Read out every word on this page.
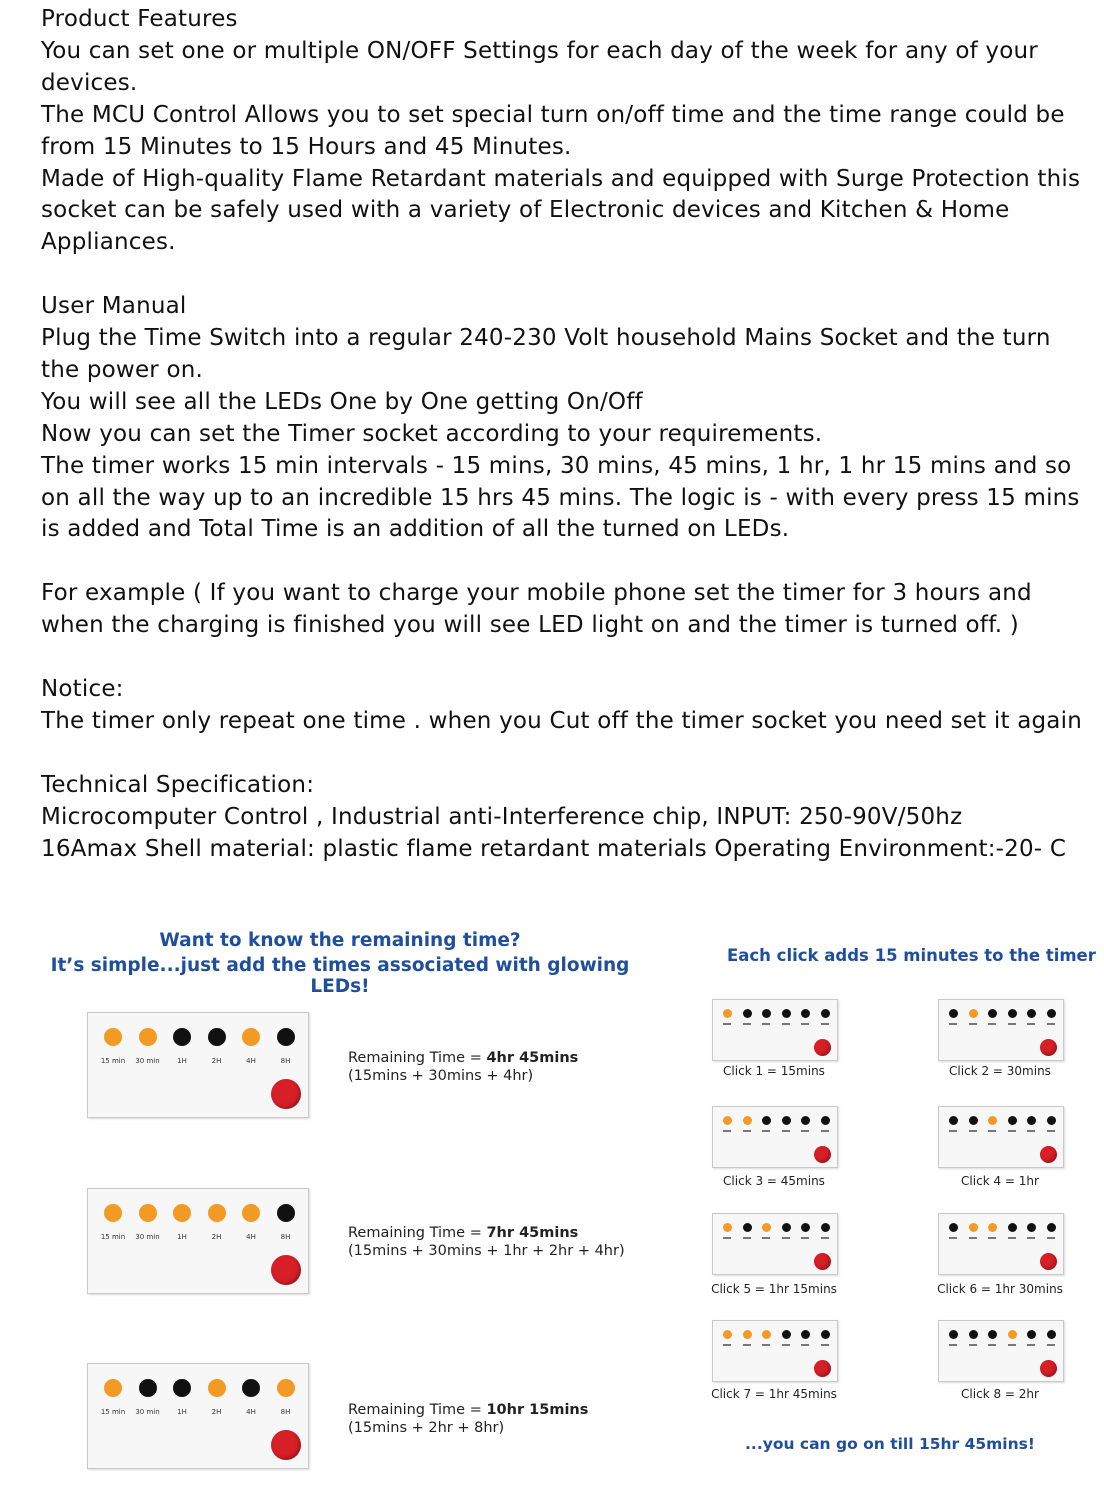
Product Features

You can set one or multiple ON/OFF Settings for each day of the week for any of your devices.

The MCU Control Allows you to set special turn on/off time and the time range could be from 15 Minutes to 15 Hours and 45 Minutes.

Made of High-quality Flame Retardant materials and equipped with Surge Protection this socket can be safely used with a variety of Electronic devices and Kitchen & Home Appliances.

User Manual

Plug the Time Switch into a regular 240-230 Volt household Mains Socket and the turn the power on.

You will see all the LEDs One by One getting On/Off

Now you can set the Timer socket according to your requirements.

The timer works 15 min intervals - 15 mins, 30 mins, 45 mins, 1 hr, 1 hr 15 mins and so on all the way up to an incredible 15 hrs 45 mins. The logic is - with every press 15 mins is added and Total Time is an addition of all the turned on LEDs.

For example ( If you want to charge your mobile phone set the timer for 3 hours and when the charging is finished you will see LED light on and the timer is turned off. )

Notice:

The timer only repeat one time . when you Cut off the timer socket you need set it again

Technical Specification:

Microcomputer Control , Industrial anti-Interference chip, INPUT: 250-90V/50hz

16Amax Shell material: plastic flame retardant materials Operating Environment:-20- C

Want to know the remaining time?
It’s simple...just add the times associated with glowing LEDs!
Each click adds 15 minutes to the timer
15 min	30 min	1H	2H	4H	8H	Remaining Time = 4hr 45mins
(15mins + 30mins + 4hr)
15 min	30 min	1H	2H	4H	8H	Remaining Time = 7hr 45mins
(15mins + 30mins + 1hr + 2hr + 4hr)
15 min	30 min	1H	2H	4H	8H	Remaining Time = 10hr 15mins
(15mins + 2hr + 8hr)
Click 1 = 15mins	Click 2 = 30mins
Click 3 = 45mins	Click 4 = 1hr
Click 5 = 1hr 15mins	Click 6 = 1hr 30mins
Click 7 = 1hr 45mins	Click 8 = 2hr
...you can go on till 15hr 45mins!
